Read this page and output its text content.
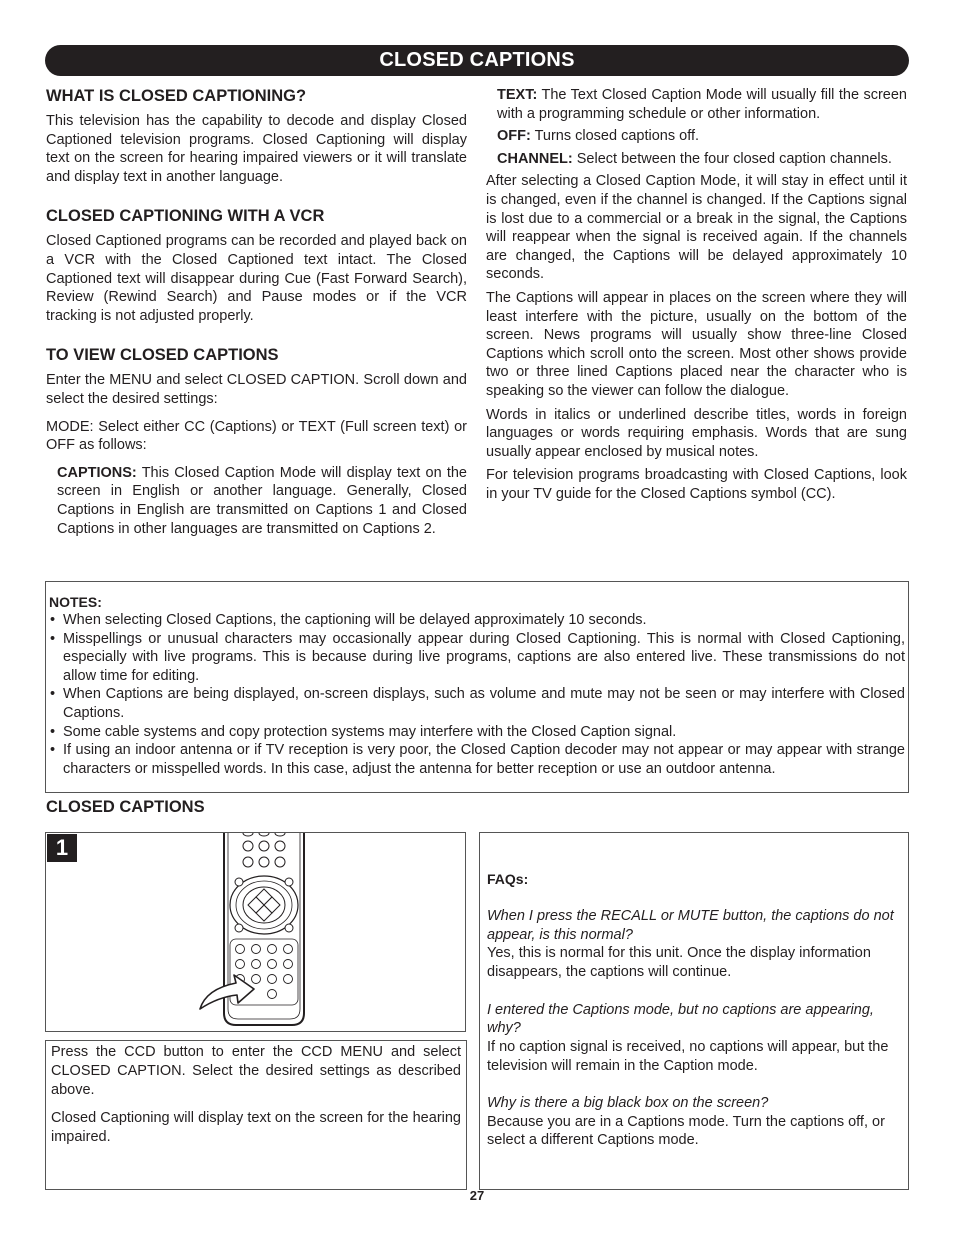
CLOSED CAPTIONS
WHAT IS CLOSED CAPTIONING?

This television has the capability to decode and display Closed Captioned television programs. Closed Captioning will display text on the screen for hearing impaired viewers or it will translate and display text in another language.

CLOSED CAPTIONING WITH A VCR

Closed Captioned programs can be recorded and played back on a VCR with the Closed Captioned text intact. The Closed Captioned text will disappear during Cue (Fast Forward Search), Review (Rewind Search) and Pause modes or if the VCR tracking is not adjusted properly.

TO VIEW CLOSED CAPTIONS

Enter the MENU and select CLOSED CAPTION. Scroll down and select the desired settings:

MODE: Select either CC (Captions) or TEXT (Full screen text) or OFF as follows:

CAPTIONS: This Closed Caption Mode will display text on the screen in English or another language. Generally, Closed Captions in English are transmitted on Captions 1 and Closed Captions in other languages are transmitted on Captions 2.

TEXT: The Text Closed Caption Mode will usually fill the screen with a programming schedule or other information.

OFF: Turns closed captions off.

CHANNEL: Select between the four closed caption channels.

After selecting a Closed Caption Mode, it will stay in effect until it is changed, even if the channel is changed. If the Captions signal is lost due to a commercial or a break in the signal, the Captions will reappear when the signal is received again. If the channels are changed, the Captions will be delayed approximately 10 seconds.

The Captions will appear in places on the screen where they will least interfere with the picture, usually on the bottom of the screen. News programs will usually show three-line Closed Captions which scroll onto the screen. Most other shows provide two or three lined Captions placed near the character who is speaking so the viewer can follow the dialogue.

Words in italics or underlined describe titles, words in foreign languages or words requiring emphasis. Words that are sung usually appear enclosed by musical notes.

For television programs broadcasting with Closed Captions, look in your TV guide for the Closed Captions symbol (CC).

NOTES:
• When selecting Closed Captions, the captioning will be delayed approximately 10 seconds.
• Misspellings or unusual characters may occasionally appear during Closed Captioning. This is normal with Closed Captioning, especially with live programs. This is because during live programs, captions are also entered live. These transmissions do not allow time for editing.
• When Captions are being displayed, on-screen displays, such as volume and mute may not be seen or may interfere with Closed Captions.
• Some cable systems and copy protection systems may interfere with the Closed Caption signal.
• If using an indoor antenna or if TV reception is very poor, the Closed Caption decoder may not appear or may appear with strange characters or misspelled words. In this case, adjust the antenna for better reception or use an outdoor antenna.
CLOSED CAPTIONS
1

Press the CCD button to enter the CCD MENU and select CLOSED CAPTION. Select the desired settings as described above.

Closed Captioning will display text on the screen for the hearing impaired.

FAQs:

When I press the RECALL or MUTE button, the captions do not appear, is this normal?

Yes, this is normal for this unit. Once the display information disappears, the captions will continue.

I entered the Captions mode, but no captions are appearing, why?

If no caption signal is received, no captions will appear, but the television will remain in the Caption mode.

Why is there a big black box on the screen?

Because you are in a Captions mode. Turn the captions off, or select a different Captions mode.

27
